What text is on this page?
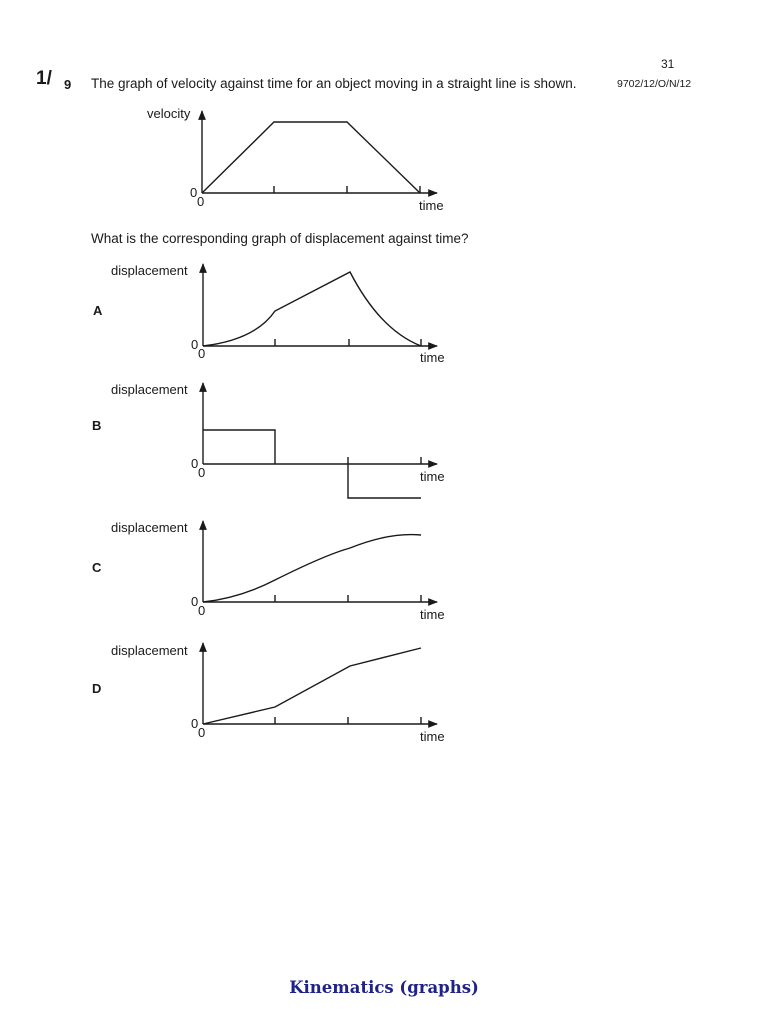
31
1/ 9 The graph of velocity against time for an object moving in a straight line is shown.	9702/12/O/N/12
What is the corresponding graph of displacement against time?
A
B
C
D
velocity
time
0
0
displacement
time
0
0
displacement
time
0
0
displacement
time
0
0
displacement
time
0
0
Kinematics (graphs)
